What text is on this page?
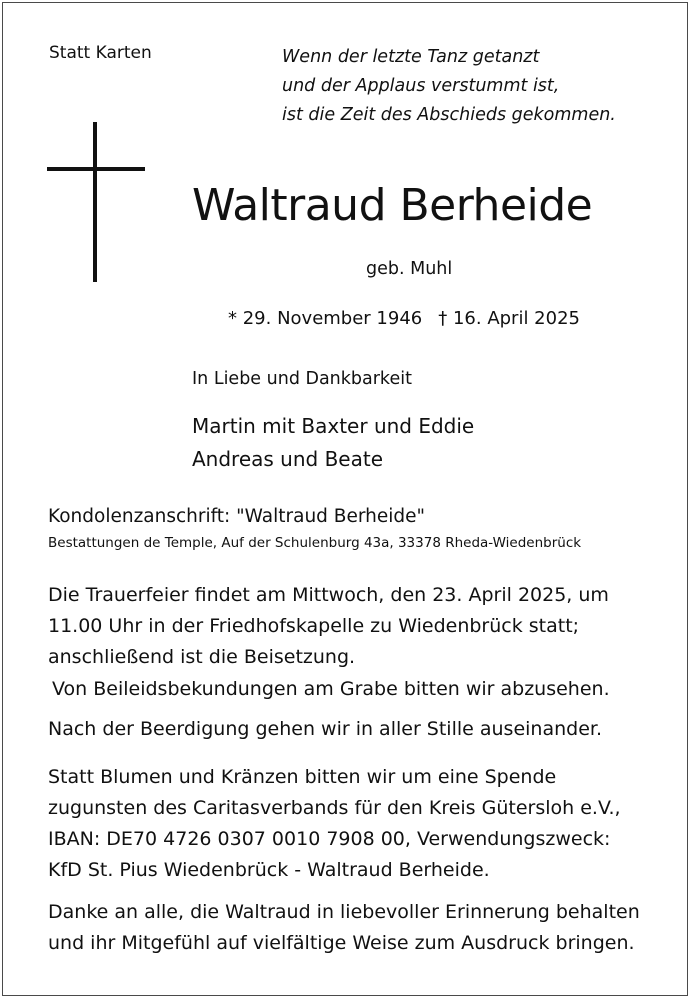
Statt Karten	Wenn der letzte Tanz getanzt
und der Applaus verstummt ist,
ist die Zeit des Abschieds gekommen.
Waltraud Berheide
geb. Muhl
* 29. November 1946 † 16. April 2025
In Liebe und Dankbarkeit
Martin mit Baxter und Eddie
Andreas und Beate
Kondolenzanschrift: "Waltraud Berheide"
Bestattungen de Temple, Auf der Schulenburg 43a, 33378 Rheda-Wiedenbrück
Die Trauerfeier findet am Mittwoch, den 23. April 2025, um
11.00 Uhr in der Friedhofskapelle zu Wiedenbrück statt;
anschließend ist die Beisetzung.
Von Beileidsbekundungen am Grabe bitten wir abzusehen.
Nach der Beerdigung gehen wir in aller Stille auseinander.
Statt Blumen und Kränzen bitten wir um eine Spende
zugunsten des Caritasverbands für den Kreis Gütersloh e.V.,
IBAN: DE70 4726 0307 0010 7908 00, Verwendungszweck:
KfD St. Pius Wiedenbrück - Waltraud Berheide.
Danke an alle, die Waltraud in liebevoller Erinnerung behalten
und ihr Mitgefühl auf vielfältige Weise zum Ausdruck bringen.
